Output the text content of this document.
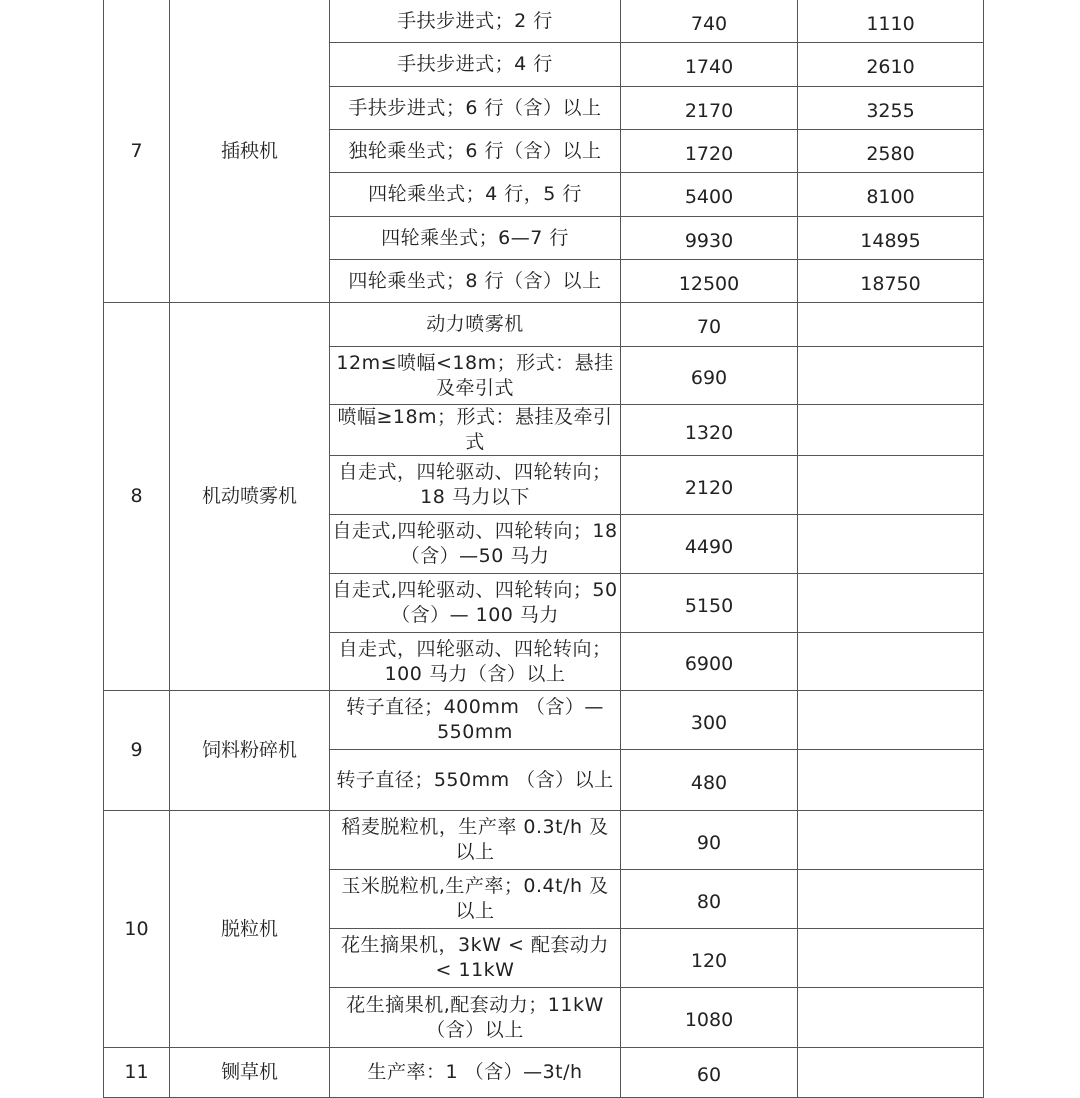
7	插秧机	手扶步进式；2 行	740	1110
		手扶步进式；4 行	1740	2610
		手扶步进式；6 行（含）以上	2170	3255
		独轮乘坐式；6 行（含）以上	1720	2580
		四轮乘坐式；4 行，5 行	5400	8100
		四轮乘坐式；6—7 行	9930	14895
		四轮乘坐式；8 行（含）以上	12500	18750
8	机动喷雾机	动力喷雾机	70	
		12m≤喷幅<18m；形式：悬挂及牵引式	690	
		喷幅≥18m；形式：悬挂及牵引式	1320	
		自走式，四轮驱动、四轮转向；18 马力以下	2120	
		自走式,四轮驱动、四轮转向；18（含）—50 马力	4490	
		自走式,四轮驱动、四轮转向；50（含）— 100 马力	5150	
		自走式，四轮驱动、四轮转向；100 马力（含）以上	6900	
9	饲料粉碎机	转子直径；400mm （含）—550mm	300	
		转子直径；550mm （含）以上	480	
10	脱粒机	稻麦脱粒机，生产率 0.3t/h 及 以上	90	
		玉米脱粒机,生产率；0.4t/h 及以上	80	
		花生摘果机，3kW < 配套动力 < 11kW	120	
		花生摘果机,配套动力；11kW（含）以上	1080	
11	铡草机	生产率：1 （含）—3t/h	60	
